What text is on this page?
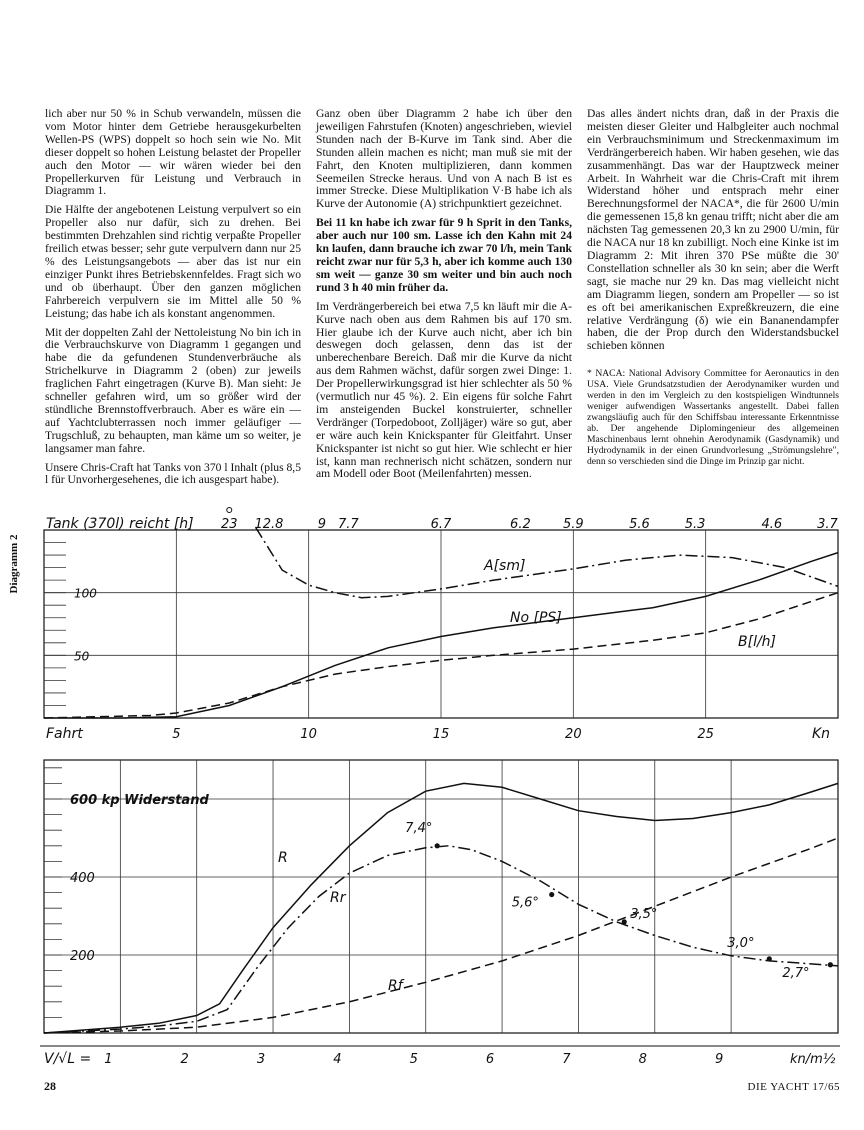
lich aber nur 50 % in Schub verwandeln, müssen die vom Motor hinter dem Getriebe herausgekurbelten Wellen-PS (WPS) doppelt so hoch sein wie No. Mit dieser doppelt so hohen Leistung belastet der Propeller auch den Motor — wir wären wieder bei den Propellerkurven für Leistung und Verbrauch in Diagramm 1.

Die Hälfte der angebotenen Leistung verpulvert so ein Propeller also nur dafür, sich zu drehen. Bei bestimmten Drehzahlen sind richtig verpaßte Propeller freilich etwas besser; sehr gute verpulvern dann nur 25 % des Leistungsangebots — aber das ist nur ein einziger Punkt ihres Betriebskennfeldes. Fragt sich wo und ob überhaupt. Über den ganzen möglichen Fahrbereich verpulvern sie im Mittel alle 50 % Leistung; das habe ich als konstant angenommen.

Mit der doppelten Zahl der Nettoleistung No bin ich in die Verbrauchskurve von Diagramm 1 gegangen und habe die da gefundenen Stundenverbräuche als Strichelkurve in Diagramm 2 (oben) zur jeweils fraglichen Fahrt eingetragen (Kurve B). Man sieht: Je schneller gefahren wird, um so größer wird der stündliche Brennstoffverbrauch. Aber es wäre ein — auf Yachtclubterrassen noch immer geläufiger — Trugschluß, zu behaupten, man käme um so weiter, je langsamer man fahre.

Unsere Chris-Craft hat Tanks von 370 l Inhalt (plus 8,5 l für Unvorhergesehenes, die ich ausgespart habe).

Ganz oben über Diagramm 2 habe ich über den jeweiligen Fahrstufen (Knoten) angeschrieben, wieviel Stunden nach der B-Kurve im Tank sind. Aber die Stunden allein machen es nicht; man muß sie mit der Fahrt, den Knoten multiplizieren, dann kommen Seemeilen Strecke heraus. Und von A nach B ist es immer Strecke. Diese Multiplikation V·B habe ich als Kurve der Autonomie (A) strichpunktiert gezeichnet.

Bei 11 kn habe ich zwar für 9 h Sprit in den Tanks, aber auch nur 100 sm. Lasse ich den Kahn mit 24 kn laufen, dann brauche ich zwar 70 l/h, mein Tank reicht zwar nur für 5,3 h, aber ich komme auch 130 sm weit — ganze 30 sm weiter und bin auch noch rund 3 h 40 min früher da.

Im Verdrängerbereich bei etwa 7,5 kn läuft mir die A-Kurve nach oben aus dem Rahmen bis auf 170 sm. Hier glaube ich der Kurve auch nicht, aber ich bin deswegen doch gelassen, denn das ist der unberechenbare Bereich. Daß mir die Kurve da nicht aus dem Rahmen wächst, dafür sorgen zwei Dinge: 1. Der Propellerwirkungsgrad ist hier schlechter als 50 % (vermutlich nur 45 %). 2. Ein eigens für solche Fahrt im ansteigenden Buckel konstruierter, schneller Verdränger (Torpedoboot, Zolljäger) wäre so gut, aber er wäre auch kein Knickspanter für Gleitfahrt. Unser Knickspanter ist nicht so gut hier. Wie schlecht er hier ist, kann man rechnerisch nicht schätzen, sondern nur am Modell oder Boot (Meilenfahrten) messen.

Das alles ändert nichts dran, daß in der Praxis die meisten dieser Gleiter und Halbgleiter auch nochmal ein Verbrauchsminimum und Streckenmaximum im Verdrängerbereich haben. Wir haben gesehen, wie das zusammenhängt. Das war der Hauptzweck meiner Arbeit. In Wahrheit war die Chris-Craft mit ihrem Widerstand höher und entsprach mehr einer Berechnungsformel der NACA*, die für 2600 U/min die gemessenen 15,8 kn genau trifft; nicht aber die am nächsten Tag gemessenen 20,3 kn zu 2900 U/min, für die NACA nur 18 kn zubilligt. Noch eine Kinke ist im Diagramm 2: Mit ihren 370 PSe müßte die 30' Constellation schneller als 30 kn sein; aber die Werft sagt, sie mache nur 29 kn. Das mag vielleicht nicht am Diagramm liegen, sondern am Propeller — so ist es oft bei amerikanischen Expreßkreuzern, die eine relative Verdrängung (δ) wie ein Bananendampfer haben, die der Prop durch den Widerstandsbuckel schieben können

* NACA: National Advisory Committee for Aeronautics in den USA. Viele Grundsatzstudien der Aerodynamiker wurden und werden in den im Vergleich zu den kostspieligen Windtunnels weniger aufwendigen Wassertanks angestellt. Dabei fallen zwangsläufig auch für den Schiffsbau interessante Erkenntnisse ab. Der angehende Diplomingenieur des allgemeinen Maschinenbaus lernt ohnehin Aerodynamik (Gasdynamik) und Hydrodynamik in der einen Grundvorlesung „Strömungslehre", denn so verschieden sind die Dinge im Prinzip gar nicht.

Diagramm 2
50
100
Tank (370l) reicht [h] 23 12.8	9 7.7	6.7	6.2 5.9	5.6	5.3	4.6	3.7
Fahrt	5	10	15	20	25	Kn
A[sm]
No [PS]
B[l/h]
200
400
600 kp Widerstand
V/√L = 1	2	3	4	5	6	7	8	9	kn/m½
R
Rr
Rf
7,4°
5,6°
3,5°
3,0°
2,7°
28	DIE YACHT 17/65
